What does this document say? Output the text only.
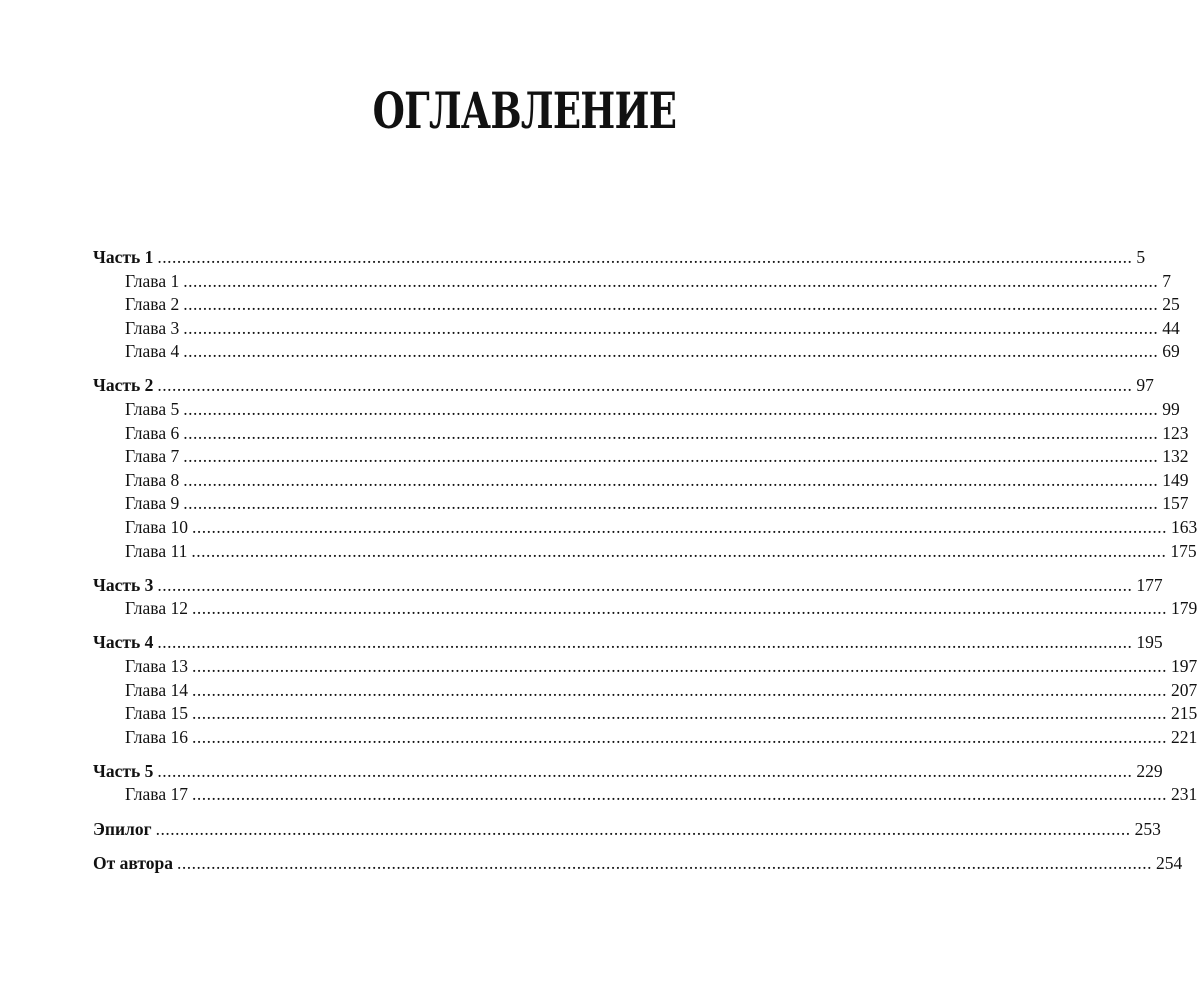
ОГЛАВЛЕНИЕ
Часть 1 ........................................................................................................................................................................................................ 5
Глава 1 ........................................................................................................................................................................................................ 7
Глава 2 ........................................................................................................................................................................................................ 25
Глава 3 ........................................................................................................................................................................................................ 44
Глава 4 ........................................................................................................................................................................................................ 69
Часть 2 ........................................................................................................................................................................................................ 97
Глава 5 ........................................................................................................................................................................................................ 99
Глава 6 ........................................................................................................................................................................................................ 123
Глава 7 ........................................................................................................................................................................................................ 132
Глава 8 ........................................................................................................................................................................................................ 149
Глава 9 ........................................................................................................................................................................................................ 157
Глава 10 ........................................................................................................................................................................................................ 163
Глава 11 ........................................................................................................................................................................................................ 175
Часть 3 ........................................................................................................................................................................................................ 177
Глава 12 ........................................................................................................................................................................................................ 179
Часть 4 ........................................................................................................................................................................................................ 195
Глава 13 ........................................................................................................................................................................................................ 197
Глава 14 ........................................................................................................................................................................................................ 207
Глава 15 ........................................................................................................................................................................................................ 215
Глава 16 ........................................................................................................................................................................................................ 221
Часть 5 ........................................................................................................................................................................................................ 229
Глава 17 ........................................................................................................................................................................................................ 231
Эпилог ........................................................................................................................................................................................................ 253
От автора ........................................................................................................................................................................................................ 254
